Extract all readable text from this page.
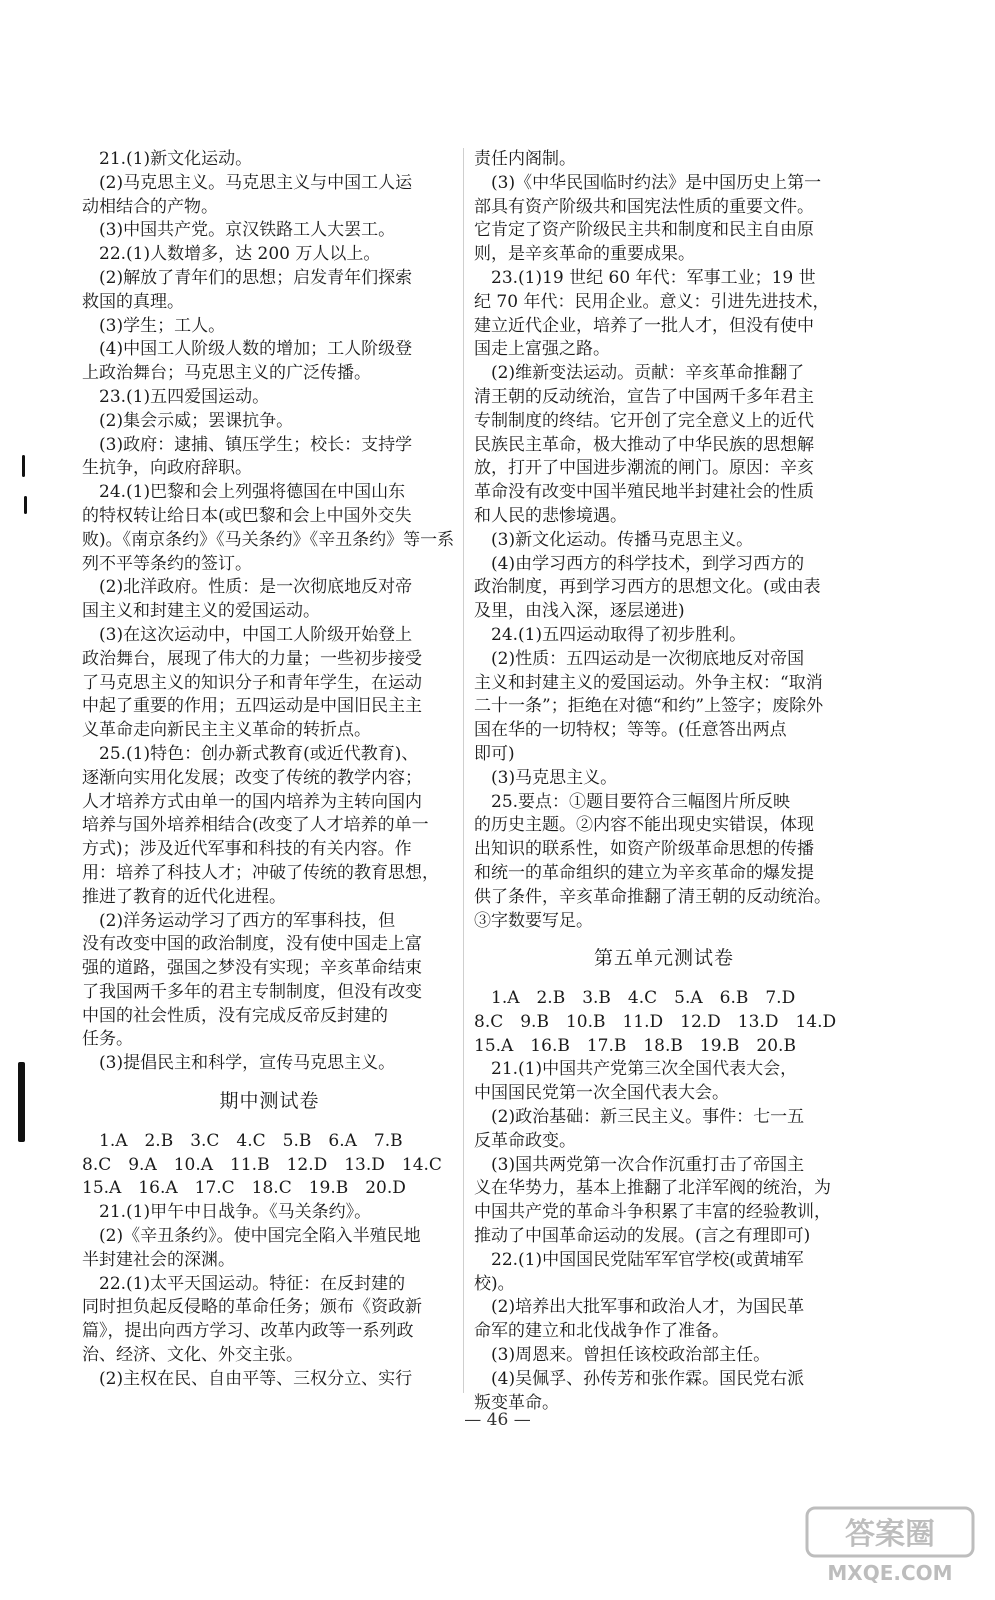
　21.(1)新文化运动。
　(2)马克思主义。马克思主义与中国工人运
动相结合的产物。
　(3)中国共产党。京汉铁路工人大罢工。
　22.(1)人数增多，达 200 万人以上。
　(2)解放了青年们的思想；启发青年们探索
救国的真理。
　(3)学生；工人。
　(4)中国工人阶级人数的增加；工人阶级登
上政治舞台；马克思主义的广泛传播。
　23.(1)五四爱国运动。
　(2)集会示威；罢课抗争。
　(3)政府：逮捕、镇压学生；校长：支持学
生抗争，向政府辞职。
　24.(1)巴黎和会上列强将德国在中国山东
的特权转让给日本(或巴黎和会上中国外交失
败)。《南京条约》《马关条约》《辛丑条约》等一系
列不平等条约的签订。
　(2)北洋政府。性质：是一次彻底地反对帝
国主义和封建主义的爱国运动。
　(3)在这次运动中，中国工人阶级开始登上
政治舞台，展现了伟大的力量；一些初步接受
了马克思主义的知识分子和青年学生，在运动
中起了重要的作用；五四运动是中国旧民主主
义革命走向新民主主义革命的转折点。
　25.(1)特色：创办新式教育(或近代教育)、
逐渐向实用化发展；改变了传统的教学内容；
人才培养方式由单一的国内培养为主转向国内
培养与国外培养相结合(改变了人才培养的单一
方式)；涉及近代军事和科技的有关内容。作
用：培养了科技人才；冲破了传统的教育思想，
推进了教育的近代化进程。
　(2)洋务运动学习了西方的军事科技，但
没有改变中国的政治制度，没有使中国走上富
强的道路，强国之梦没有实现；辛亥革命结束
了我国两千多年的君主专制制度，但没有改变
中国的社会性质，没有完成反帝反封建的
任务。
　(3)提倡民主和科学，宣传马克思主义。
期中测试卷
　1.A　2.B　3.C　4.C　5.B　6.A　7.B
8.C　9.A　10.A　11.B　12.D　13.D　14.C
15.A　16.A　17.C　18.C　19.B　20.D
　21.(1)甲午中日战争。《马关条约》。
　(2)《辛丑条约》。使中国完全陷入半殖民地
半封建社会的深渊。
　22.(1)太平天国运动。特征：在反封建的
同时担负起反侵略的革命任务；颁布《资政新
篇》，提出向西方学习、改革内政等一系列政
治、经济、文化、外交主张。
　(2)主权在民、自由平等、三权分立、实行
责任内阁制。
　(3)《中华民国临时约法》是中国历史上第一
部具有资产阶级共和国宪法性质的重要文件。
它肯定了资产阶级民主共和制度和民主自由原
则，是辛亥革命的重要成果。
　23.(1)19 世纪 60 年代：军事工业；19 世
纪 70 年代：民用企业。意义：引进先进技术，
建立近代企业，培养了一批人才，但没有使中
国走上富强之路。
　(2)维新变法运动。贡献：辛亥革命推翻了
清王朝的反动统治，宣告了中国两千多年君主
专制制度的终结。它开创了完全意义上的近代
民族民主革命，极大推动了中华民族的思想解
放，打开了中国进步潮流的闸门。原因：辛亥
革命没有改变中国半殖民地半封建社会的性质
和人民的悲惨境遇。
　(3)新文化运动。传播马克思主义。
　(4)由学习西方的科学技术，到学习西方的
政治制度，再到学习西方的思想文化。(或由表
及里，由浅入深，逐层递进)
　24.(1)五四运动取得了初步胜利。
　(2)性质：五四运动是一次彻底地反对帝国
主义和封建主义的爱国运动。外争主权：“取消
二十一条”；拒绝在对德“和约”上签字；废除外
国在华的一切特权；等等。(任意答出两点
即可)
　(3)马克思主义。
　25.要点：①题目要符合三幅图片所反映
的历史主题。②内容不能出现史实错误，体现
出知识的联系性，如资产阶级革命思想的传播
和统一的革命组织的建立为辛亥革命的爆发提
供了条件，辛亥革命推翻了清王朝的反动统治。
③字数要写足。
第五单元测试卷
　1.A　2.B　3.B　4.C　5.A　6.B　7.D
8.C　9.B　10.B　11.D　12.D　13.D　14.D
15.A　16.B　17.B　18.B　19.B　20.B
　21.(1)中国共产党第三次全国代表大会，
中国国民党第一次全国代表大会。
　(2)政治基础：新三民主义。事件：七一五
反革命政变。
　(3)国共两党第一次合作沉重打击了帝国主
义在华势力，基本上推翻了北洋军阀的统治，为
中国共产党的革命斗争积累了丰富的经验教训，
推动了中国革命运动的发展。(言之有理即可)
　22.(1)中国国民党陆军军官学校(或黄埔军
校)。
　(2)培养出大批军事和政治人才，为国民革
命军的建立和北伐战争作了准备。
　(3)周恩来。曾担任该校政治部主任。
　(4)吴佩孚、孙传芳和张作霖。国民党右派
叛变革命。
— 46 —
答案圈
MXQE.COM
